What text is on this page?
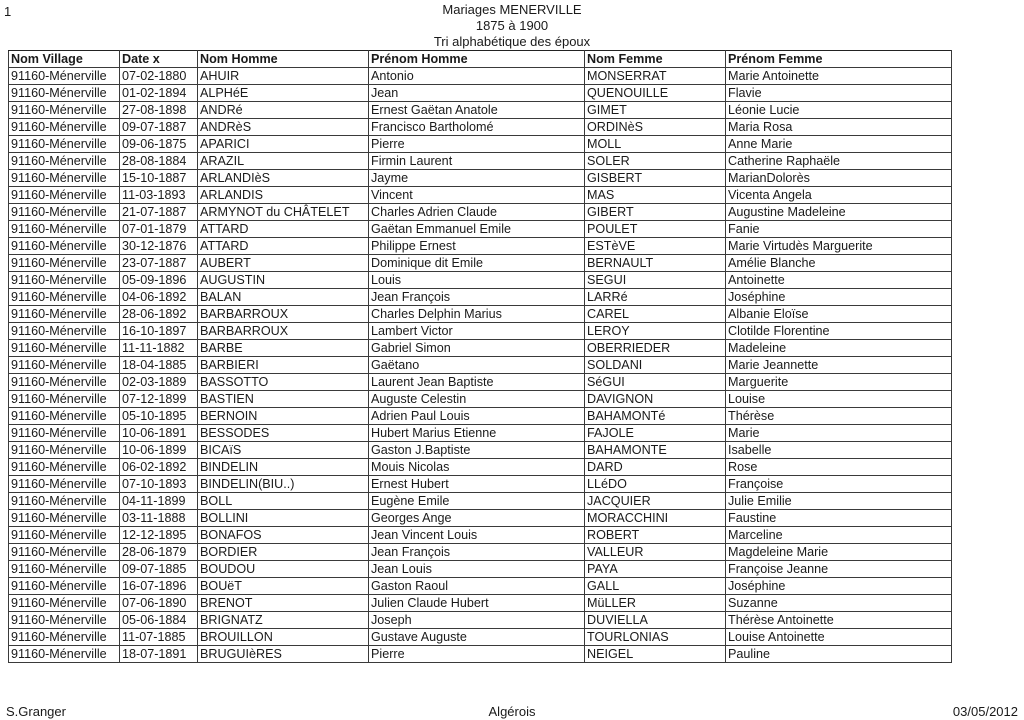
1	Mariages MENERVILLE
1875 à 1900
Tri alphabétique des époux
Nom Village	Date x	Nom Homme	Prénom Homme	Nom Femme	Prénom Femme
91160-Ménerville	07-02-1880	AHUIR	Antonio	MONSERRAT	Marie Antoinette
91160-Ménerville	01-02-1894	ALPHéE	Jean	QUENOUILLE	Flavie
91160-Ménerville	27-08-1898	ANDRé	Ernest Gaëtan Anatole	GIMET	Léonie Lucie
91160-Ménerville	09-07-1887	ANDRèS	Francisco Bartholomé	ORDINèS	Maria Rosa
91160-Ménerville	09-06-1875	APARICI	Pierre	MOLL	Anne Marie
91160-Ménerville	28-08-1884	ARAZIL	Firmin Laurent	SOLER	Catherine Raphaële
91160-Ménerville	15-10-1887	ARLANDIèS	Jayme	GISBERT	MarianDolorès
91160-Ménerville	11-03-1893	ARLANDIS	Vincent	MAS	Vicenta Angela
91160-Ménerville	21-07-1887	ARMYNOT du CHÂTELET	Charles Adrien Claude	GIBERT	Augustine Madeleine
91160-Ménerville	07-01-1879	ATTARD	Gaëtan Emmanuel Emile	POULET	Fanie
91160-Ménerville	30-12-1876	ATTARD	Philippe Ernest	ESTèVE	Marie Virtudès Marguerite
91160-Ménerville	23-07-1887	AUBERT	Dominique dit Emile	BERNAULT	Amélie Blanche
91160-Ménerville	05-09-1896	AUGUSTIN	Louis	SEGUI	Antoinette
91160-Ménerville	04-06-1892	BALAN	Jean François	LARRé	Joséphine
91160-Ménerville	28-06-1892	BARBARROUX	Charles Delphin Marius	CAREL	Albanie Eloïse
91160-Ménerville	16-10-1897	BARBARROUX	Lambert Victor	LEROY	Clotilde Florentine
91160-Ménerville	11-11-1882	BARBE	Gabriel Simon	OBERRIEDER	Madeleine
91160-Ménerville	18-04-1885	BARBIERI	Gaëtano	SOLDANI	Marie Jeannette
91160-Ménerville	02-03-1889	BASSOTTO	Laurent Jean Baptiste	SéGUI	Marguerite
91160-Ménerville	07-12-1899	BASTIEN	Auguste Celestin	DAVIGNON	Louise
91160-Ménerville	05-10-1895	BERNOIN	Adrien Paul Louis	BAHAMONTé	Thérèse
91160-Ménerville	10-06-1891	BESSODES	Hubert Marius Etienne	FAJOLE	Marie
91160-Ménerville	10-06-1899	BICAïS	Gaston J.Baptiste	BAHAMONTE	Isabelle
91160-Ménerville	06-02-1892	BINDELIN	Mouis Nicolas	DARD	Rose
91160-Ménerville	07-10-1893	BINDELIN(BIU..)	Ernest Hubert	LLéDO	Françoise
91160-Ménerville	04-11-1899	BOLL	Eugène Emile	JACQUIER	Julie Emilie
91160-Ménerville	03-11-1888	BOLLINI	Georges Ange	MORACCHINI	Faustine
91160-Ménerville	12-12-1895	BONAFOS	Jean Vincent Louis	ROBERT	Marceline
91160-Ménerville	28-06-1879	BORDIER	Jean François	VALLEUR	Magdeleine Marie
91160-Ménerville	09-07-1885	BOUDOU	Jean Louis	PAYA	Françoise Jeanne
91160-Ménerville	16-07-1896	BOUëT	Gaston Raoul	GALL	Joséphine
91160-Ménerville	07-06-1890	BRENOT	Julien Claude Hubert	MüLLER	Suzanne
91160-Ménerville	05-06-1884	BRIGNATZ	Joseph	DUVIELLA	Thérèse Antoinette
91160-Ménerville	11-07-1885	BROUILLON	Gustave Auguste	TOURLONIAS	Louise Antoinette
91160-Ménerville	18-07-1891	BRUGUIèRES	Pierre	NEIGEL	Pauline
S.Granger	Algérois	03/05/2012
